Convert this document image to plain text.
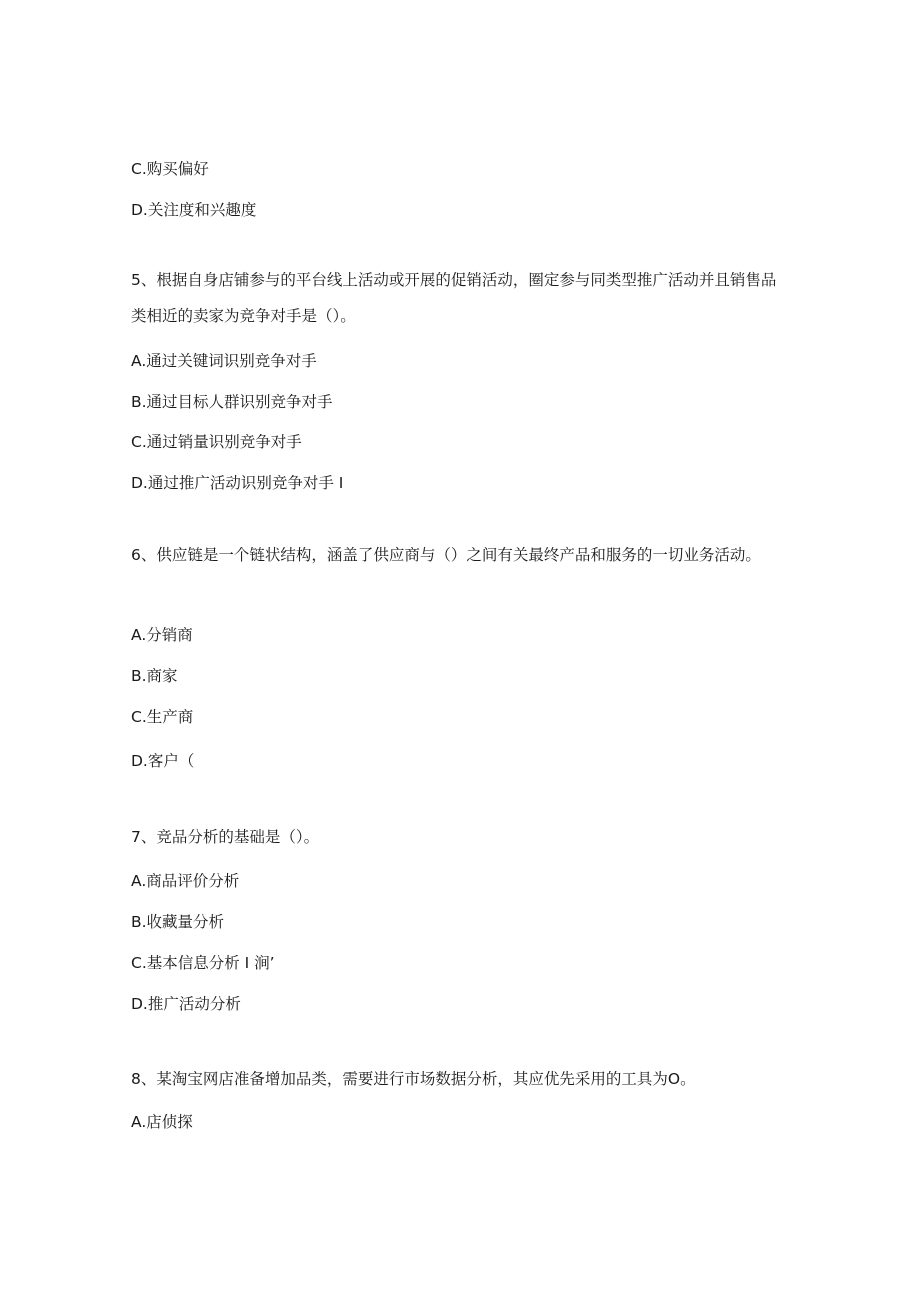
C.购买偏好
D.关注度和兴趣度
5、根据自身店铺参与的平台线上活动或开展的促销活动，圈定参与同类型推广活动并且销售品类相近的卖家为竞争对手是（）。
A.通过关键词识别竞争对手
B.通过目标人群识别竞争对手
C.通过销量识别竞争对手
D.通过推广活动识别竞争对手 I
6、供应链是一个链状结构，涵盖了供应商与（）之间有关最终产品和服务的一切业务活动。
A.分销商
B.商家
C.生产商
D.客户（
7、竞品分析的基础是（）。
A.商品评价分析
B.收藏量分析
C.基本信息分析 I 涧’
D.推广活动分析
8、某淘宝网店准备增加品类，需要进行市场数据分析，其应优先采用的工具为O。
A.店侦探
